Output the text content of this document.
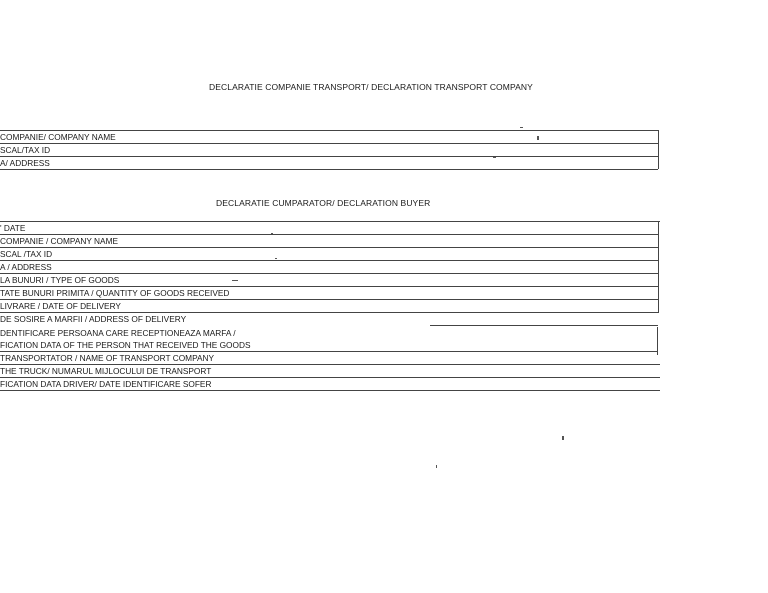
DECLARATIE COMPANIE TRANSPORT/ DECLARATION TRANSPORT COMPANY
COMPANIE/ COMPANY NAME
SCAL/TAX ID
A/ ADDRESS
DECLARATIE CUMPARATOR/ DECLARATION BUYER
' DATE
COMPANIE / COMPANY NAME
SCAL /TAX ID
A / ADDRESS
LA BUNURI / TYPE OF GOODS
TATE BUNURI PRIMITA / QUANTITY OF GOODS RECEIVED
LIVRARE / DATE OF DELIVERY
DE SOSIRE A MARFII / ADDRESS OF DELIVERY
DENTIFICARE PERSOANA CARE RECEPTIONEAZA MARFA /
FICATION DATA OF THE PERSON THAT RECEIVED THE GOODS
TRANSPORTATOR / NAME OF TRANSPORT COMPANY
THE TRUCK/ NUMARUL MIJLOCULUI DE TRANSPORT
FICATION DATA DRIVER/ DATE IDENTIFICARE SOFER
